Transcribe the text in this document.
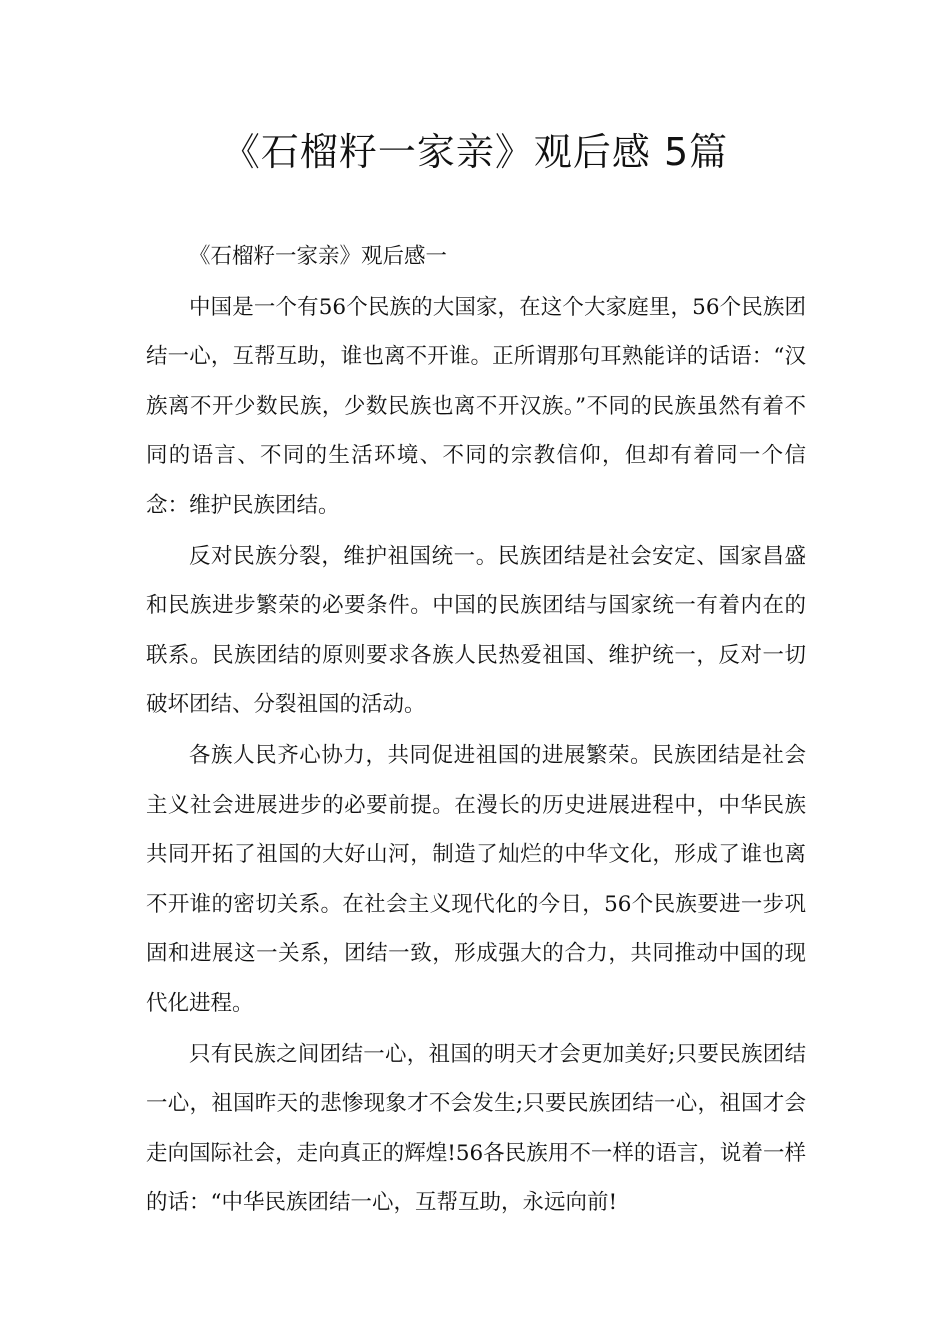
《石榴籽一家亲》观后感 5篇

《石榴籽一家亲》观后感一

中国是一个有56个民族的大国家，在这个大家庭里，56个民族团结一心，互帮互助，谁也离不开谁。正所谓那句耳熟能详的话语：“汉族离不开少数民族，少数民族也离不开汉族。”不同的民族虽然有着不同的语言、不同的生活环境、不同的宗教信仰，但却有着同一个信念：维护民族团结。

反对民族分裂，维护祖国统一。民族团结是社会安定、国家昌盛和民族进步繁荣的必要条件。中国的民族团结与国家统一有着内在的联系。民族团结的原则要求各族人民热爱祖国、维护统一，反对一切破坏团结、分裂祖国的活动。

各族人民齐心协力，共同促进祖国的进展繁荣。民族团结是社会主义社会进展进步的必要前提。在漫长的历史进展进程中，中华民族共同开拓了祖国的大好山河，制造了灿烂的中华文化，形成了谁也离不开谁的密切关系。在社会主义现代化的今日，56个民族要进一步巩固和进展这一关系，团结一致，形成强大的合力，共同推动中国的现代化进程。

只有民族之间团结一心，祖国的明天才会更加美好;只要民族团结一心，祖国昨天的悲惨现象才不会发生;只要民族团结一心，祖国才会走向国际社会，走向真正的辉煌!56各民族用不一样的语言，说着一样的话：“中华民族团结一心，互帮互助，永远向前!
